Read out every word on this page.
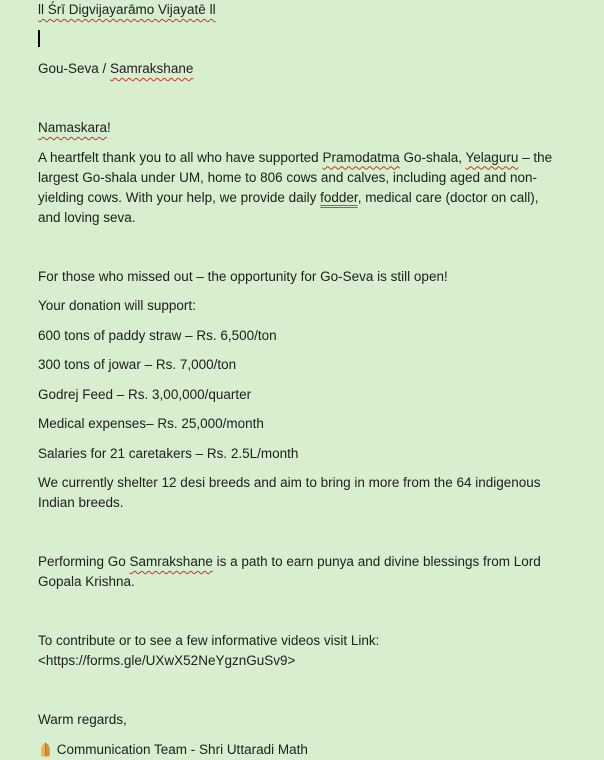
ll Śrī Digvijayarāmo Vijayatē ll

Gou-Seva / Samrakshane

Namaskara!

A heartfelt thank you to all who have supported Pramodatma Go-shala, Yelaguru – the
largest Go-shala under UM, home to 806 cows and calves, including aged and non-
yielding cows. With your help, we provide daily fodder, medical care (doctor on call),
and loving seva.

For those who missed out – the opportunity for Go-Seva is still open!

Your donation will support:

600 tons of paddy straw – Rs. 6,500/ton

300 tons of jowar – Rs. 7,000/ton

Godrej Feed – Rs. 3,00,000/quarter

Medical expenses– Rs. 25,000/month

Salaries for 21 caretakers – Rs. 2.5L/month

We currently shelter 12 desi breeds and aim to bring in more from the 64 indigenous
Indian breeds.

Performing Go Samrakshane is a path to earn punya and divine blessings from Lord
Gopala Krishna.

To contribute or to see a few informative videos visit Link:
<https://forms.gle/UXwX52NeYgznGuSv9>

Warm regards,

Communication Team - Shri Uttaradi Math
